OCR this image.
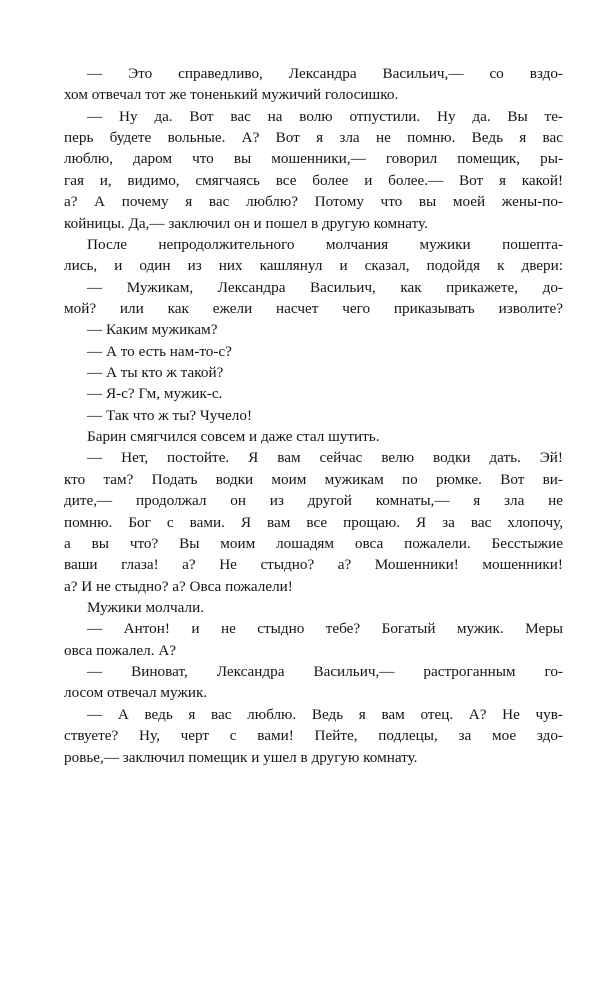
— Это справедливо, Лександра Васильич,— со вздо-
хом отвечал тот же тоненький мужичий голосишко.
— Ну да. Вот вас на волю отпустили. Ну да. Вы те-
перь будете вольные. А? Вот я зла не помню. Ведь я вас
люблю, даром что вы мошенники,— говорил помещик, ры-
гая и, видимо, смягчаясь все более и более.— Вот я какой!
а? А почему я вас люблю? Потому что вы моей жены-по-
койницы. Да,— заключил он и пошел в другую комнату.
После непродолжительного молчания мужики пошепта-
лись, и один из них кашлянул и сказал, подойдя к двери:
— Мужикам, Лександра Васильич, как прикажете, до-
мой? или как ежели насчет чего приказывать изволите?
— Каким мужикам?
— А то есть нам-то-с?
— А ты кто ж такой?
— Я-с? Гм, мужик-с.
— Так что ж ты? Чучело!
Барин смягчился совсем и даже стал шутить.
— Нет, постойте. Я вам сейчас велю водки дать. Эй!
кто там? Подать водки моим мужикам по рюмке. Вот ви-
дите,— продолжал он из другой комнаты,— я зла не
помню. Бог с вами. Я вам все прощаю. Я за вас хлопочу,
а вы что? Вы моим лошадям овса пожалели. Бесстыжие
ваши глаза! а? Не стыдно? а? Мошенники! мошенники!
а? И не стыдно? а? Овса пожалели!
Мужики молчали.
— Антон! и не стыдно тебе? Богатый мужик. Меры
овса пожалел. А?
— Виноват, Лександра Васильич,— растроганным го-
лосом отвечал мужик.
— А ведь я вас люблю. Ведь я вам отец. А? Не чув-
ствуете? Ну, черт с вами! Пейте, подлецы, за мое здо-
ровье,— заключил помещик и ушел в другую комнату.
